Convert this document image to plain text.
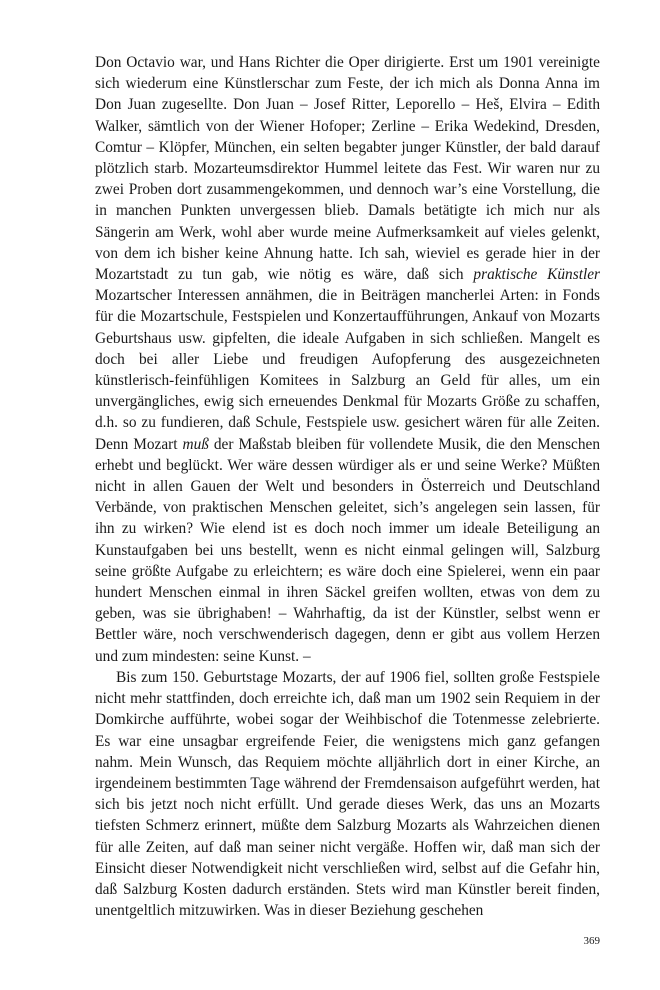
Don Octavio war, und Hans Richter die Oper dirigierte. Erst um 1901 vereinigte sich wiederum eine Künstlerschar zum Feste, der ich mich als Donna Anna im Don Juan zugesellte. Don Juan – Josef Ritter, Leporello – Heš, Elvira – Edith Walker, sämtlich von der Wiener Hofoper; Zerline – Erika Wedekind, Dresden, Comtur – Klöpfer, München, ein selten begabter junger Künstler, der bald darauf plötzlich starb. Mozarteumsdirektor Hummel leitete das Fest. Wir waren nur zu zwei Proben dort zusammengekommen, und dennoch war’s eine Vorstellung, die in manchen Punkten unvergessen blieb. Damals betätigte ich mich nur als Sängerin am Werk, wohl aber wurde meine Aufmerksamkeit auf vieles gelenkt, von dem ich bisher keine Ahnung hatte. Ich sah, wieviel es gerade hier in der Mozartstadt zu tun gab, wie nötig es wäre, daß sich praktische Künstler Mozartscher Interessen annähmen, die in Beiträgen mancherlei Arten: in Fonds für die Mozartschule, Festspielen und Konzertaufführungen, Ankauf von Mozarts Geburtshaus usw. gipfelten, die ideale Aufgaben in sich schließen. Mangelt es doch bei aller Liebe und freudigen Aufopferung des ausgezeichneten künstlerisch-feinfühligen Komitees in Salzburg an Geld für alles, um ein unvergängliches, ewig sich erneuendes Denkmal für Mozarts Größe zu schaffen, d.h. so zu fundieren, daß Schule, Festspiele usw. gesichert wären für alle Zeiten. Denn Mozart muß der Maßstab bleiben für vollendete Musik, die den Menschen erhebt und beglückt. Wer wäre dessen würdiger als er und seine Werke? Müßten nicht in allen Gauen der Welt und besonders in Österreich und Deutschland Verbände, von praktischen Menschen geleitet, sich’s angelegen sein lassen, für ihn zu wirken? Wie elend ist es doch noch immer um ideale Beteiligung an Kunstaufgaben bei uns bestellt, wenn es nicht einmal gelingen will, Salzburg seine größte Aufgabe zu erleichtern; es wäre doch eine Spielerei, wenn ein paar hundert Menschen einmal in ihren Säckel greifen wollten, etwas von dem zu geben, was sie übrighaben! – Wahrhaftig, da ist der Künstler, selbst wenn er Bettler wäre, noch verschwenderisch dagegen, denn er gibt aus vollem Herzen und zum mindesten: seine Kunst. –

Bis zum 150. Geburtstage Mozarts, der auf 1906 fiel, sollten große Festspiele nicht mehr stattfinden, doch erreichte ich, daß man um 1902 sein Requiem in der Domkirche aufführte, wobei sogar der Weihbischof die Totenmesse zelebrierte. Es war eine unsagbar ergreifende Feier, die wenigstens mich ganz gefangen nahm. Mein Wunsch, das Requiem möchte alljährlich dort in einer Kirche, an irgendeinem bestimmten Tage während der Fremdensaison aufgeführt werden, hat sich bis jetzt noch nicht erfüllt. Und gerade dieses Werk, das uns an Mozarts tiefsten Schmerz erinnert, müßte dem Salzburg Mozarts als Wahrzeichen dienen für alle Zeiten, auf daß man seiner nicht vergäße. Hoffen wir, daß man sich der Einsicht dieser Notwendigkeit nicht verschließen wird, selbst auf die Gefahr hin, daß Salzburg Kosten dadurch erständen. Stets wird man Künstler bereit finden, unentgeltlich mitzuwirken. Was in dieser Beziehung geschehen

369
